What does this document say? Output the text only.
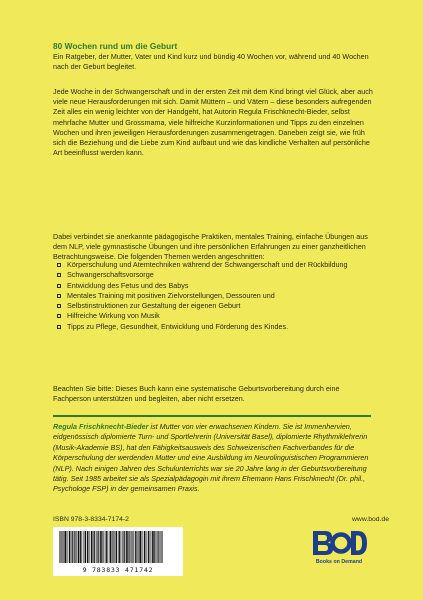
80 Wochen rund um die Geburt

Ein Ratgeber, der Mutter, Vater und Kind kurz und bündig 40 Wochen vor, während und 40 Wochen nach der Geburt begleitet.

Jede Woche in der Schwangerschaft und in der ersten Zeit mit dem Kind bringt viel Glück, aber auch viele neue Herausforderungen mit sich. Damit Müttern – und Vätern – diese besonders aufregenden Zeit alles ein wenig leichter von der Handgeht, hat Autorin Regula Frischknecht-Bieder, selbst mehrfache Mutter und Grossmama, viele hilfreiche Kurzinformationen und Tipps zu den einzelnen Wochen und ihren jeweiligen Herausforderungen zusammengetragen. Daneben zeigt sie, wie früh sich die Beziehung und die Liebe zum Kind aufbaut und wie das kindliche Verhalten auf persönliche Art beeinflusst werden kann.

Dabei verbindet sie anerkannte pädagogische Praktiken, mentales Training, einfache Übungen aus dem NLP, viele gymnastische Übungen und ihre persönlichen Erfahrungen zu einer ganzheitlichen Betrachtungsweise. Die folgenden Themen werden angeschnitten:

Körperschulung und Atemtechniken während der Schwangerschaft und der Rückbildung
Schwangerschaftsvorsorge
Entwicklung des Fetus und des Babys
Mentales Training mit positiven Zielvorstellungen, Dessouren und
Selbstinstruktionen zur Gestaltung der eigenen Geburt
Hilfreiche Wirkung von Musik
Tipps zu Pflege, Gesundheit, Entwicklung und Förderung des Kindes.

Beachten Sie bitte: Dieses Buch kann eine systematische Geburtsvorbereitung durch eine Fachperson unterstützen und begleiten, aber nicht ersetzen.

Regula Frischknecht-Bieder ist Mutter von vier erwachsenen Kindern. Sie ist Immenhervien, eidgenössisch diplomierte Turn- und Sportlehrerin (Universität Basel), diplomierte Rhythmiklehrerin (Musik-Akademie BS), hat den Fähigkeitsausweis des Schweizerischen Fachverbandes für die Körperschulung der werdenden Mutter und eine Ausbildung im Neurolinguistischen Programmieren (NLP). Nach einigen Jahren des Schulunterrichts war sie 20 Jahre lang in der Geburtsvorbereitung tätig. Seit 1985 arbeitet sie als Spezialpädagogin mit ihrem Ehemann Hans Frischknecht (Dr. phil., Psychologe FSP) in der gemeinsamen Praxis.

ISBN 978-3-8334-7174-2	www.bod.de
9 783833 471742
Books on Demand
